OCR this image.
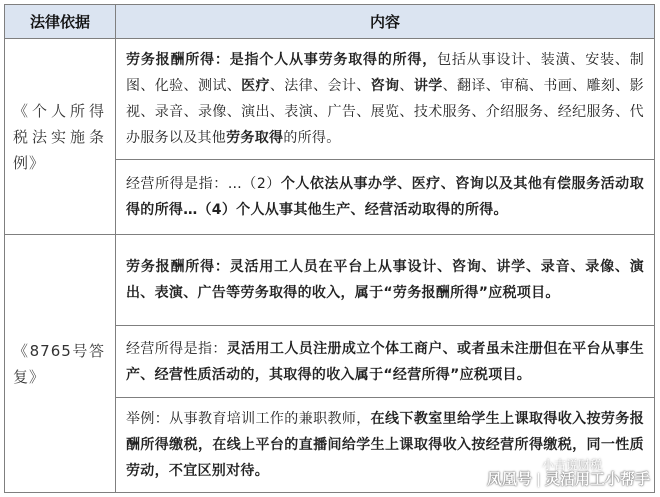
法律依据	内容
《个人所得税法实施条例》	劳务报酬所得：是指个人从事劳务取得的所得，包括从事设计、装潢、安装、制图、化验、测试、医疗、法律、会计、咨询、讲学、翻译、审稿、书画、雕刻、影视、录音、录像、演出、表演、广告、展览、技术服务、介绍服务、经纪服务、代办服务以及其他劳务取得的所得。
	经营所得是指：…（2）个人依法从事办学、医疗、咨询以及其他有偿服务活动取得的所得…（4）个人从事其他生产、经营活动取得的所得。
《8765号答复》	劳务报酬所得：灵活用工人员在平台上从事设计、咨询、讲学、录音、录像、演出、表演、广告等劳务取得的收入，属于“劳务报酬所得”应税项目。
	经营所得是指：灵活用工人员注册成立个体工商户、或者虽未注册但在平台从事生产、经营性质活动的，其取得的收入属于“经营所得”应税项目。
	举例：从事教育培训工作的兼职教师，在线下教室里给学生上课取得收入按劳务报酬所得缴税，在线上平台的直播间给学生上课取得收入按经营所得缴税，同一性质劳动，不宜区别对待。	小古说财税
凤凰号 灵活用工小帮手
